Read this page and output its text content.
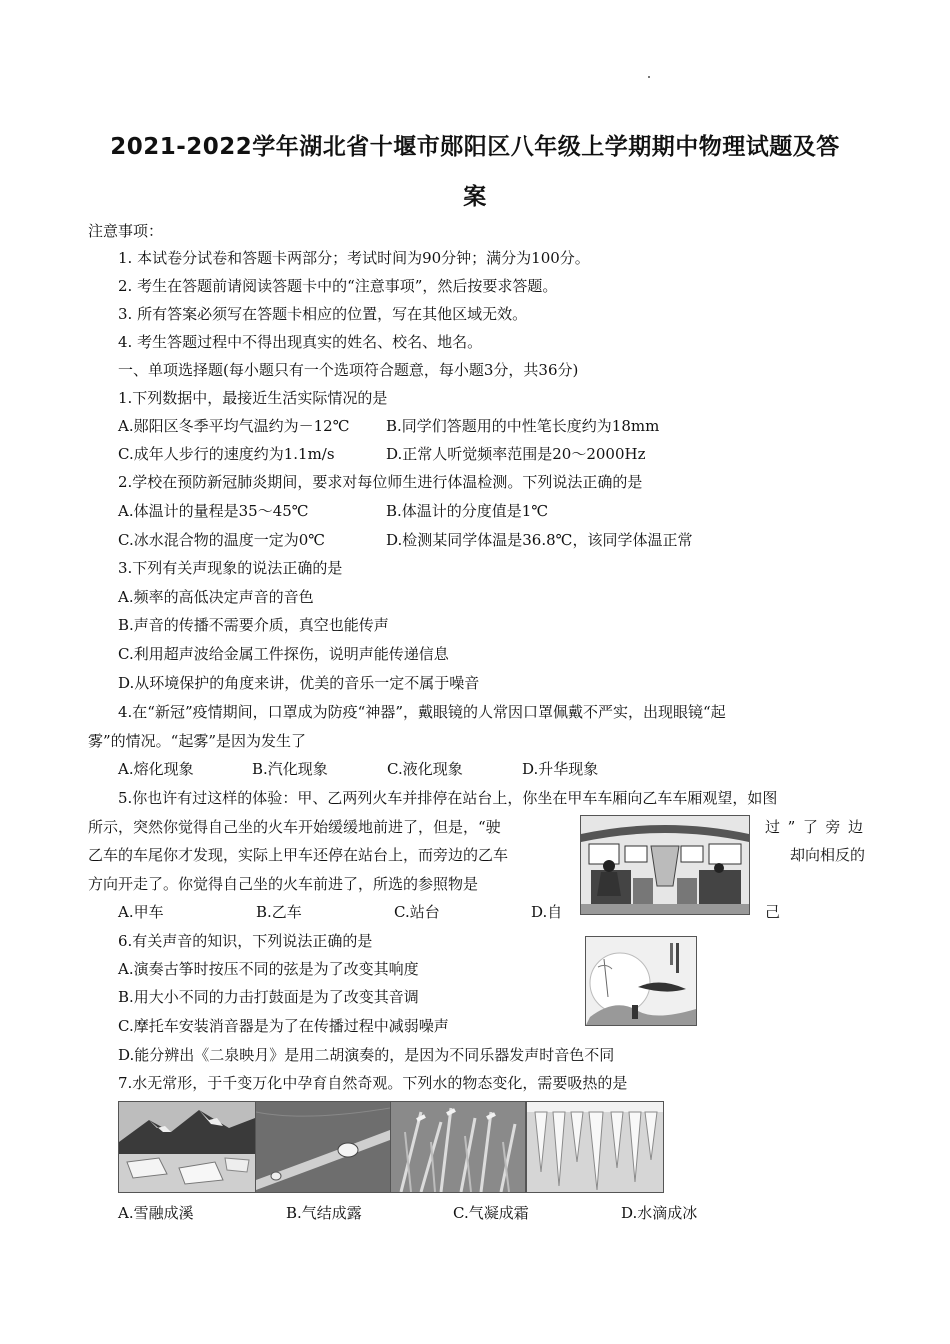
2021-2022学年湖北省十堰市郧阳区八年级上学期期中物理试题及答
案
注意事项：
1. 本试卷分试卷和答题卡两部分；考试时间为90分钟；满分为100分。
2. 考生在答题前请阅读答题卡中的“注意事项”，然后按要求答题。
3. 所有答案必须写在答题卡相应的位置，写在其他区域无效。
4. 考生答题过程中不得出现真实的姓名、校名、地名。
一、单项选择题(每小题只有一个选项符合题意，每小题3分，共36分)
1.下列数据中，最接近生活实际情况的是
A.郧阳区冬季平均气温约为－12℃ B.同学们答题用的中性笔长度约为18mm
C.成年人步行的速度约为1.1m/s	D.正常人听觉频率范围是20～2000Hz
2.学校在预防新冠肺炎期间，要求对每位师生进行体温检测。下列说法正确的是
A.体温计的量程是35～45℃	B.体温计的分度值是1℃
C.冰水混合物的温度一定为0℃	D.检测某同学体温是36.8℃，该同学体温正常
3.下列有关声现象的说法正确的是
A.频率的高低决定声音的音色
B.声音的传播不需要介质，真空也能传声
C.利用超声波给金属工件探伤，说明声能传递信息
D.从环境保护的角度来讲，优美的音乐一定不属于噪音
4.在“新冠”疫情期间，口罩成为防疫“神器”，戴眼镜的人常因口罩佩戴不严实，出现眼镜“起
雾”的情况。“起雾”是因为发生了
A.熔化现象	B.汽化现象	C.液化现象	D.升华现象
5.你也许有过这样的体验：甲、乙两列火车并排停在站台上，你坐在甲车车厢向乙车车厢观望，如图
所示，突然你觉得自己坐的火车开始缓缓地前进了，但是，“驶	过”了旁边
乙车的车尾你才发现，实际上甲车还停在站台上，而旁边的乙车	却向相反的
方向开走了。你觉得自己坐的火车前进了，所选的参照物是
A.甲车	B.乙车	C.站台	D.自	己
6.有关声音的知识，下列说法正确的是
A.演奏古筝时按压不同的弦是为了改变其响度
B.用大小不同的力击打鼓面是为了改变其音调
C.摩托车安装消音器是为了在传播过程中减弱噪声
D.能分辨出《二泉映月》是用二胡演奏的，是因为不同乐器发声时音色不同
7.水无常形，于千变万化中孕育自然奇观。下列水的物态变化，需要吸热的是
A.雪融成溪	B.气结成露	C.气凝成霜	D.水滴成冰
